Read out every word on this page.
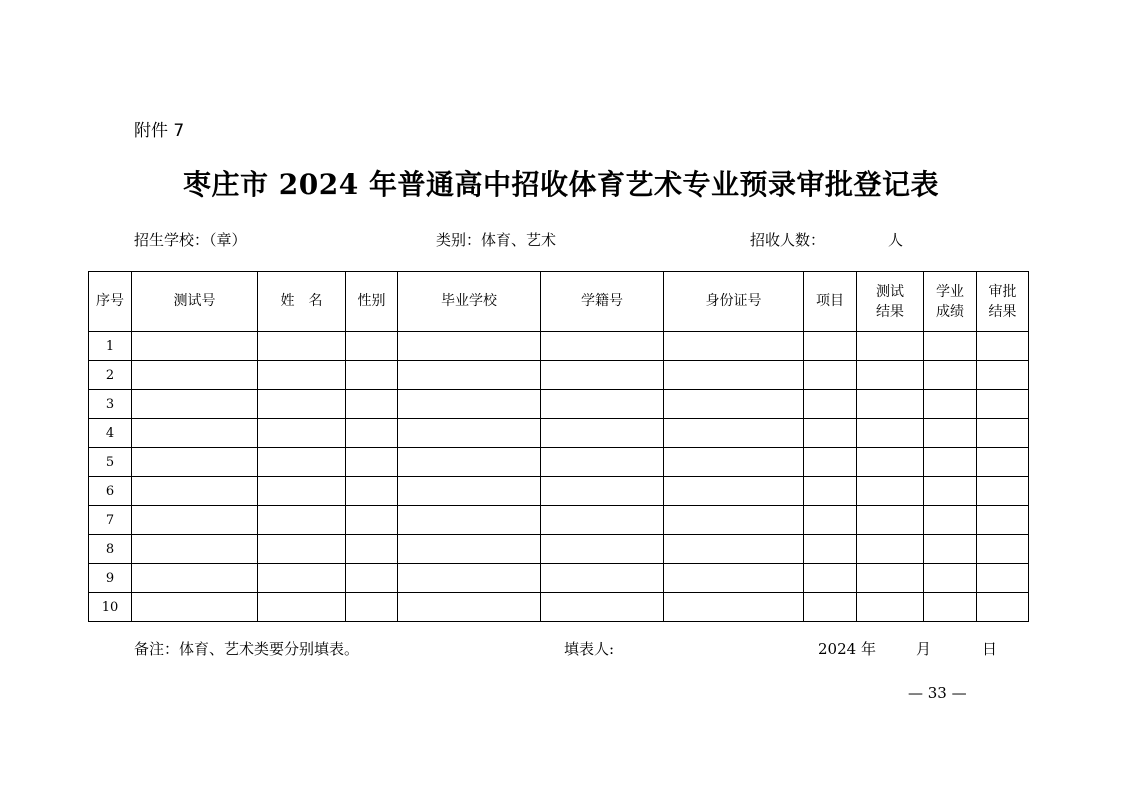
附件 7
枣庄市 2024 年普通高中招收体育艺术专业预录审批登记表
招生学校：（章）	类别：体育、艺术	招收人数：	人
序号	测试号	姓　名	性别	毕业学校	学籍号	身份证号	项目	测试结果	学业成绩	审批结果
1										
2										
3										
4										
5										
6										
7										
8										
9										
10										
备注：体育、艺术类要分别填表。	填表人:	2024 年	月	日
— 33 —
